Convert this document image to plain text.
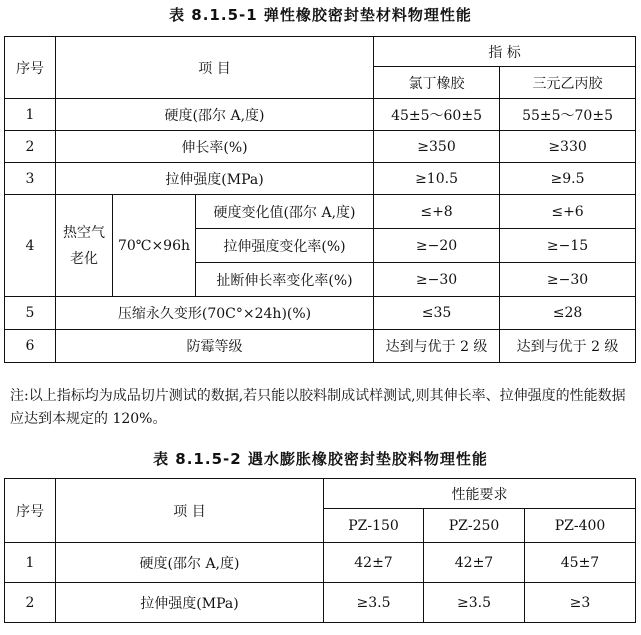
表 8.1.5-1 弹性橡胶密封垫材料物理性能
序号	项 目			指 标	
				氯丁橡胶	三元乙丙胶
1	硬度(邵尔 A,度)			45±5～60±5	55±5～70±5
2	伸长率(%)			≥350	≥330
3	拉伸强度(MPa)			≥10.5	≥9.5
4	热空气老化	70℃×96h	硬度变化值(邵尔 A,度)	≤+8	≤+6
			拉伸强度变化率(%)	≥−20	≥−15
			扯断伸长率变化率(%)	≥−30	≥−30
5	压缩永久变形(70C°×24h)(%)			≤35	≤28
6	防霉等级			达到与优于 2 级	达到与优于 2 级
注:以上指标均为成品切片测试的数据,若只能以胶料制成试样测试,则其伸长率、拉伸强度的性能数据应达到本规定的 120%。
表 8.1.5-2 遇水膨胀橡胶密封垫胶料物理性能
序号	项 目	性能要求		
		PZ-150	PZ-250	PZ-400
1	硬度(邵尔 A,度)	42±7	42±7	45±7
2	拉伸强度(MPa)	≥3.5	≥3.5	≥3
